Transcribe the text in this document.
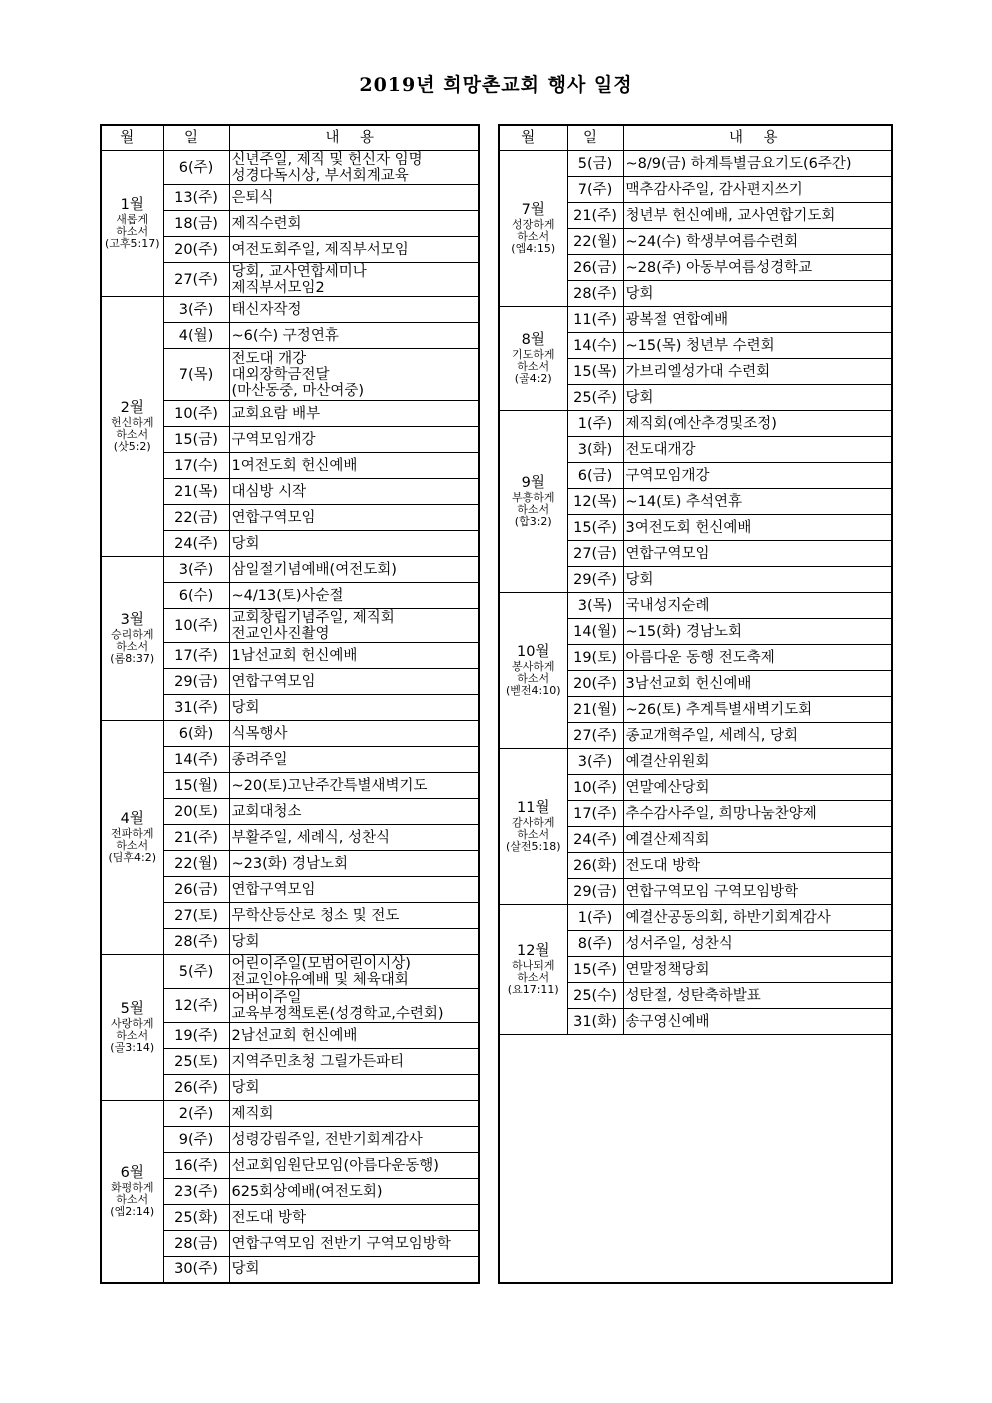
2019년 희망촌교회 행사 일정
월	일	내 용

1월
새롭게
하소서
(고후5:17)	6(주)	신년주일, 제직 및 헌신자 임명
성경다독시상, 부서회계교육
	13(주)	은퇴식
	18(금)	제직수련회
	20(주)	여전도회주일, 제직부서모임
	27(주)	당회, 교사연합세미나
제직부서모임2

2월
헌신하게
하소서
(삿5:2)	3(주)	태신자작정
	4(월)	~6(수) 구정연휴
	7(목)	전도대 개강
대외장학금전달
(마산동중, 마산여중)
	10(주)	교회요람 배부
	15(금)	구역모임개강
	17(수)	1여전도회 헌신예배
	21(목)	대심방 시작
	22(금)	연합구역모임
	24(주)	당회

3월
승리하게
하소서
(롬8:37)	3(주)	삼일절기념예배(여전도회)
	6(수)	~4/13(토)사순절
	10(주)	교회창립기념주일, 제직회
전교인사진촬영
	17(주)	1남선교회 헌신예배
	29(금)	연합구역모임
	31(주)	당회

4월
전파하게
하소서
(딤후4:2)	6(화)	식목행사
	14(주)	종려주일
	15(월)	~20(토)고난주간특별새벽기도
	20(토)	교회대청소
	21(주)	부활주일, 세례식, 성찬식
	22(월)	~23(화) 경남노회
	26(금)	연합구역모임
	27(토)	무학산등산로 청소 및 전도
	28(주)	당회

5월
사랑하게
하소서
(골3:14)	5(주)	어린이주일(모범어린이시상)
전교인야유예배 및 체육대회
	12(주)	어버이주일
교육부정책토론(성경학교,수련회)
	19(주)	2남선교회 헌신예배
	25(토)	지역주민초청 그릴가든파티
	26(주)	당회

6월
화평하게
하소서
(엡2:14)	2(주)	제직회
	9(주)	성령강림주일, 전반기회계감사
	16(주)	선교회임원단모임(아름다운동행)
	23(주)	625회상예배(여전도회)
	25(화)	전도대 방학
	28(금)	연합구역모임 전반기 구역모임방학
	30(주)	당회
월	일	내 용

7월
성장하게
하소서
(엡4:15)	5(금)	~8/9(금) 하계특별금요기도(6주간)
	7(주)	맥추감사주일, 감사편지쓰기
	21(주)	청년부 헌신예배, 교사연합기도회
	22(월)	~24(수) 학생부여름수련회
	26(금)	~28(주) 아동부여름성경학교
	28(주)	당회

8월
기도하게
하소서
(골4:2)	11(주)	광복절 연합예배
	14(수)	~15(목) 청년부 수련회
	15(목)	가브리엘성가대 수련회
	25(주)	당회

9월
부흥하게
하소서
(합3:2)	1(주)	제직회(예산추경및조정)
	3(화)	전도대개강
	6(금)	구역모임개강
	12(목)	~14(토) 추석연휴
	15(주)	3여전도회 헌신예배
	27(금)	연합구역모임
	29(주)	당회

10월
봉사하게
하소서
(벧전4:10)	3(목)	국내성지순례
	14(월)	~15(화) 경남노회
	19(토)	아름다운 동행 전도축제
	20(주)	3남선교회 헌신예배
	21(월)	~26(토) 추계특별새벽기도회
	27(주)	종교개혁주일, 세례식, 당회

11월
감사하게
하소서
(살전5:18)	3(주)	예결산위원회
	10(주)	연말예산당회
	17(주)	추수감사주일, 희망나눔찬양제
	24(주)	예결산제직회
	26(화)	전도대 방학
	29(금)	연합구역모임 구역모임방학

12월
하나되게
하소서
(요17:11)	1(주)	예결산공동의회, 하반기회계감사
	8(주)	성서주일, 성찬식
	15(주)	연말정책당회
	25(수)	성탄절, 성탄축하발표
	31(화)	송구영신예배
